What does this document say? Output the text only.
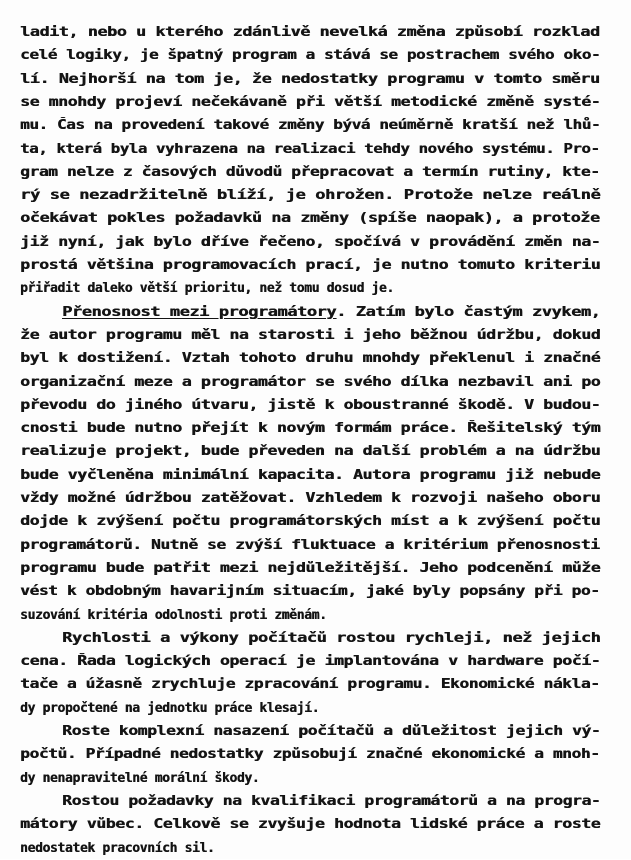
ladit, nebo u kterého zdánlivě nevelká změna způsobí rozklad
celé logiky, je špatný program a stává se postrachem svého oko-
lí. Nejhorší na tom je, že nedostatky programu v tomto směru
se mnohdy projeví nečekávaně při větší metodické změně systé-
mu. Čas na provedení takové změny bývá neúměrně kratší než lhů-
ta, která byla vyhrazena na realizaci tehdy nového systému. Pro-
gram nelze z časových důvodů přepracovat a termín rutiny, kte-
rý se nezadržitelně blíží, je ohrožen. Protože nelze reálně
očekávat pokles požadavků na změny (spíše naopak), a protože
již nyní, jak bylo dříve řečeno, spočívá v provádění změn na-
prostá většina programovacích prací, je nutno tomuto kriteriu
přiřadit daleko větší prioritu, než tomu dosud je.
Přenosnost mezi programátory. Zatím bylo častým zvykem,
že autor programu měl na starosti i jeho běžnou údržbu, dokud
byl k dostižení. Vztah tohoto druhu mnohdy překlenul i značné
organizační meze a programátor se svého dílka nezbavil ani po
převodu do jiného útvaru, jistě k oboustranné škodě. V budou-
cnosti bude nutno přejít k novým formám práce. Řešitelský tým
realizuje projekt, bude převeden na další problém a na údržbu
bude vyčleněna minimální kapacita. Autora programu již nebude
vždy možné údržbou zatěžovat. Vzhledem k rozvoji našeho oboru
dojde k zvýšení počtu programátorských míst a k zvýšení počtu
programátorů. Nutně se zvýší fluktuace a kritérium přenosnosti
programu bude patřit mezi nejdůležitější. Jeho podcenění může
vést k obdobným havarijním situacím, jaké byly popsány při po-
suzování kritéria odolnosti proti změnám.
Rychlosti a výkony počítačů rostou rychleji, než jejich
cena. Řada logických operací je implantována v hardware počí-
tače a úžasně zrychluje zpracování programu. Ekonomické nákla-
dy propočtené na jednotku práce klesají.
Roste komplexní nasazení počítačů a důležitost jejich vý-
počtů. Případné nedostatky způsobují značné ekonomické a mnoh-
dy nenapravitelné morální škody.
Rostou požadavky na kvalifikaci programátorů a na progra-
mátory vůbec. Celkově se zvyšuje hodnota lidské práce a roste
nedostatek pracovních sil.
